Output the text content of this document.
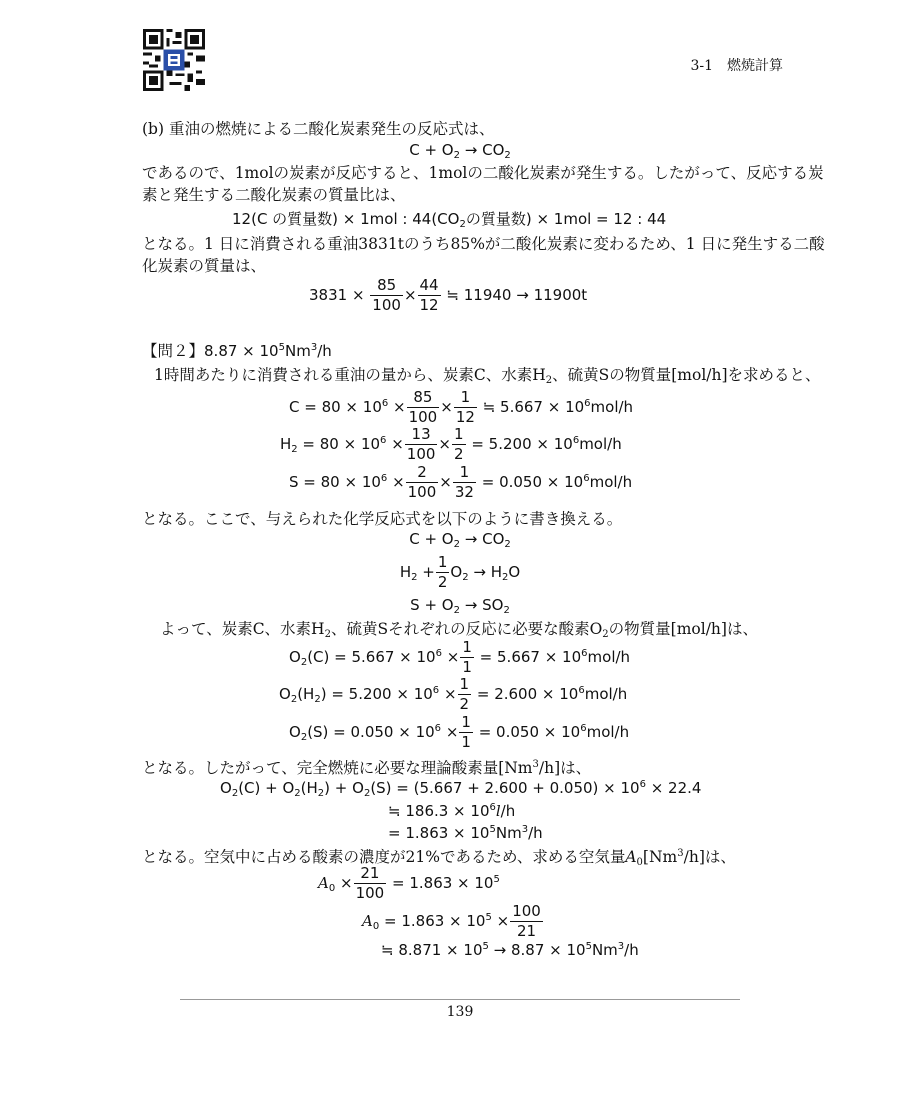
3-1　燃焼計算
(b) 重油の燃焼による二酸化炭素発生の反応式は、
$C + O_2 \to CO_2$
であるので、1molの炭素が反応すると、1molの二酸化炭素が発生する。したがって、反応する炭
素と発生する二酸化炭素の質量比は、
12(C の質量数) × 1mol : $44(CO_2$の質量数) × 1mol = 12 : 44
となる。1 日に消費される重油3831tのうち85%が二酸化炭素に変わるため、1 日に発生する二酸
化炭素の質量は、
$3831 \times \frac{85}{100} \times \frac{44}{12}$ ≒ 11940 → 11900t
【問２】$8.87 \times 10^5Nm^3/h$
1時間あたりに消費される重油の量から、炭素C、水素$H_2$、硫黄Sの物質量[mol/h]を求めると、
$C = 80 \times 10^6 \times \frac{85}{100} \times \frac{1}{12}$ ≒ $5.667 \times 10^6mol/h$
$H_2 = 80 \times 10^6 \times \frac{13}{100} \times \frac{1}{2} = 5.200 \times 10^6mol/h$
$S = 80 \times 10^6 \times \frac{2}{100} \times \frac{1}{32} = 0.050 \times 10^6mol/h$
となる。ここで、与えられた化学反応式を以下のように書き換える。
$C + O_2 \to CO_2$
$H_2 + \frac{1}{2} O_2 \to H_2O$
$S + O_2 \to SO_2$
よって、炭素C、水素$H_2$、硫黄Sそれぞれの反応に必要な酸素$O_2$の物質量[mol/h]は、
$O_2(C) = 5.667 \times 10^6 \times \frac{1}{1} = 5.667 \times 10^6mol/h$
$O_2(H_2) = 5.200 \times 10^6 \times \frac{1}{2} = 2.600 \times 10^6mol/h$
$O_2(S) = 0.050 \times 10^6 \times \frac{1}{1} = 0.050 \times 10^6mol/h$
となる。したがって、完全燃焼に必要な理論酸素量[Nm$^3$/h]は、
$O_2(C) + O_2(H_2) + O_2(S) = (5.667 + 2.600 + 0.050) \times 10^6 \times 22.4$
≒ $186.3 \times 10^6l/h$
= $1.863 \times 10^5Nm^3/h$
となる。空気中に占める酸素の濃度が21%であるため、求める空気量$A_0[Nm^3/h]$は、
$A_0 \times \frac{21}{100} = 1.863 \times 10^5$
$A_0 = 1.863 \times 10^5 \times \frac{100}{21}$
≒ $8.871 \times 10^5 \to 8.87 \times 10^5Nm^3/h$
139
